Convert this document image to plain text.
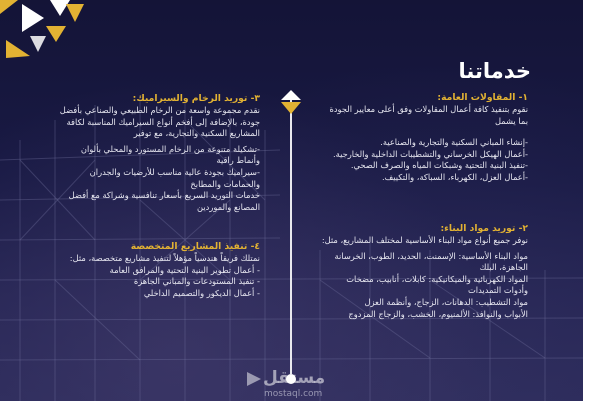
خدماتنا

١- المقاولات العامة:

نقوم بتنفيذ كافة أعمال المقاولات وفق أعلى معايير الجودة

بما يشمل

-إنشاء المباني السكنية والتجارية والصناعية.

-أعمال الهيكل الخرساني والتشطيبات الداخلية والخارجية.

-تنفيذ البنية التحتية وشبكات المياه والصرف الصحي.

-أعمال العزل، الكهرباء، السباكة، والتكييف.

٢- توريد مواد البناء:

نوفر جميع أنواع مواد البناء الأساسية لمختلف المشاريع، مثل:

مواد البناء الأساسية: الإسمنت، الحديد، الطوب، الخرسانة

الجاهزة، البلك

المواد الكهربائية والميكانيكية: كابلات، أنابيب، مضخات

وأدوات التمديدات

مواد التشطيب: الدهانات، الزجاج، وأنظمة العزل

الأبواب والنوافذ: الألمنيوم، الخشب، والزجاج المزدوج

٣- توريد الرخام والسيراميك:

نقدم مجموعة واسعة من الرخام الطبيعي والصناعي بأفضل

جودة، بالإضافة إلى أفخم أنواع السيراميك المناسبة لكافة

المشاريع السكنية والتجارية، مع توفير

-تشكيلة متنوعة من الرخام المستورد والمحلي بألوان

وأنماط راقية

-سيراميك بجودة عالية مناسب للأرضيات والجدران

والحمامات والمطابخ

خدمات التوريد السريع بأسعار تنافسية وشراكة مع أفضل

المصانع والموردين

٤- تنفيذ المشاريع المتخصصة

نمتلك فريقاً هندسياً مؤهلاً لتنفيذ مشاريع متخصصة، مثل:

- أعمال تطوير البنية التحتية والمرافق العامة

- تنفيذ المستودعات والمباني الجاهزة

- أعمال الديكور والتصميم الداخلي

مستقل
mostaql.com
